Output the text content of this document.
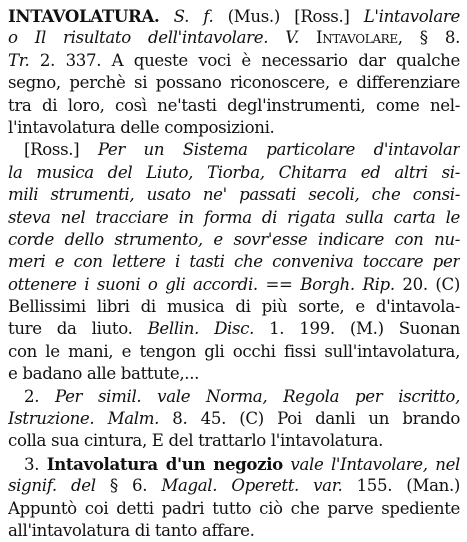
INTAVOLATURA. S. f. (Mus.) [Ross.] L'intavolare
o Il risultato dell'intavolare. V. Intavolare, § 8.
Tr. 2. 337. A queste voci è necessario dar qualche
segno, perchè si possano riconoscere, e differenziare
tra di loro, così ne'tasti degl'instrumenti, come nel-
l'intavolatura delle composizioni.
[Ross.] Per un Sistema particolare d'intavolar
la musica del Liuto, Tiorba, Chitarra ed altri si-
mili strumenti, usato ne' passati secoli, che consi-
steva nel tracciare in forma di rigata sulla carta le
corde dello strumento, e sovr'esse indicare con nu-
meri e con lettere i tasti che conveniva toccare per
ottenere i suoni o gli accordi. == Borgh. Rip. 20. (C)
Bellissimi libri di musica di più sorte, e d'intavola-
ture da liuto. Bellin. Disc. 1. 199. (M.) Suonan
con le mani, e tengon gli occhi fissi sull'intavolatura,
e badano alle battute,...
2. Per simil. vale Norma, Regola per iscritto,
Istruzione. Malm. 8. 45. (C) Poi danli un brando
colla sua cintura, E del trattarlo l'intavolatura.
3. Intavolatura d'un negozio vale l'Intavolare, nel
signif. del § 6. Magal. Operett. var. 155. (Man.)
Appuntò coi detti padri tutto ciò che parve spediente
all'intavolatura di tanto affare.
